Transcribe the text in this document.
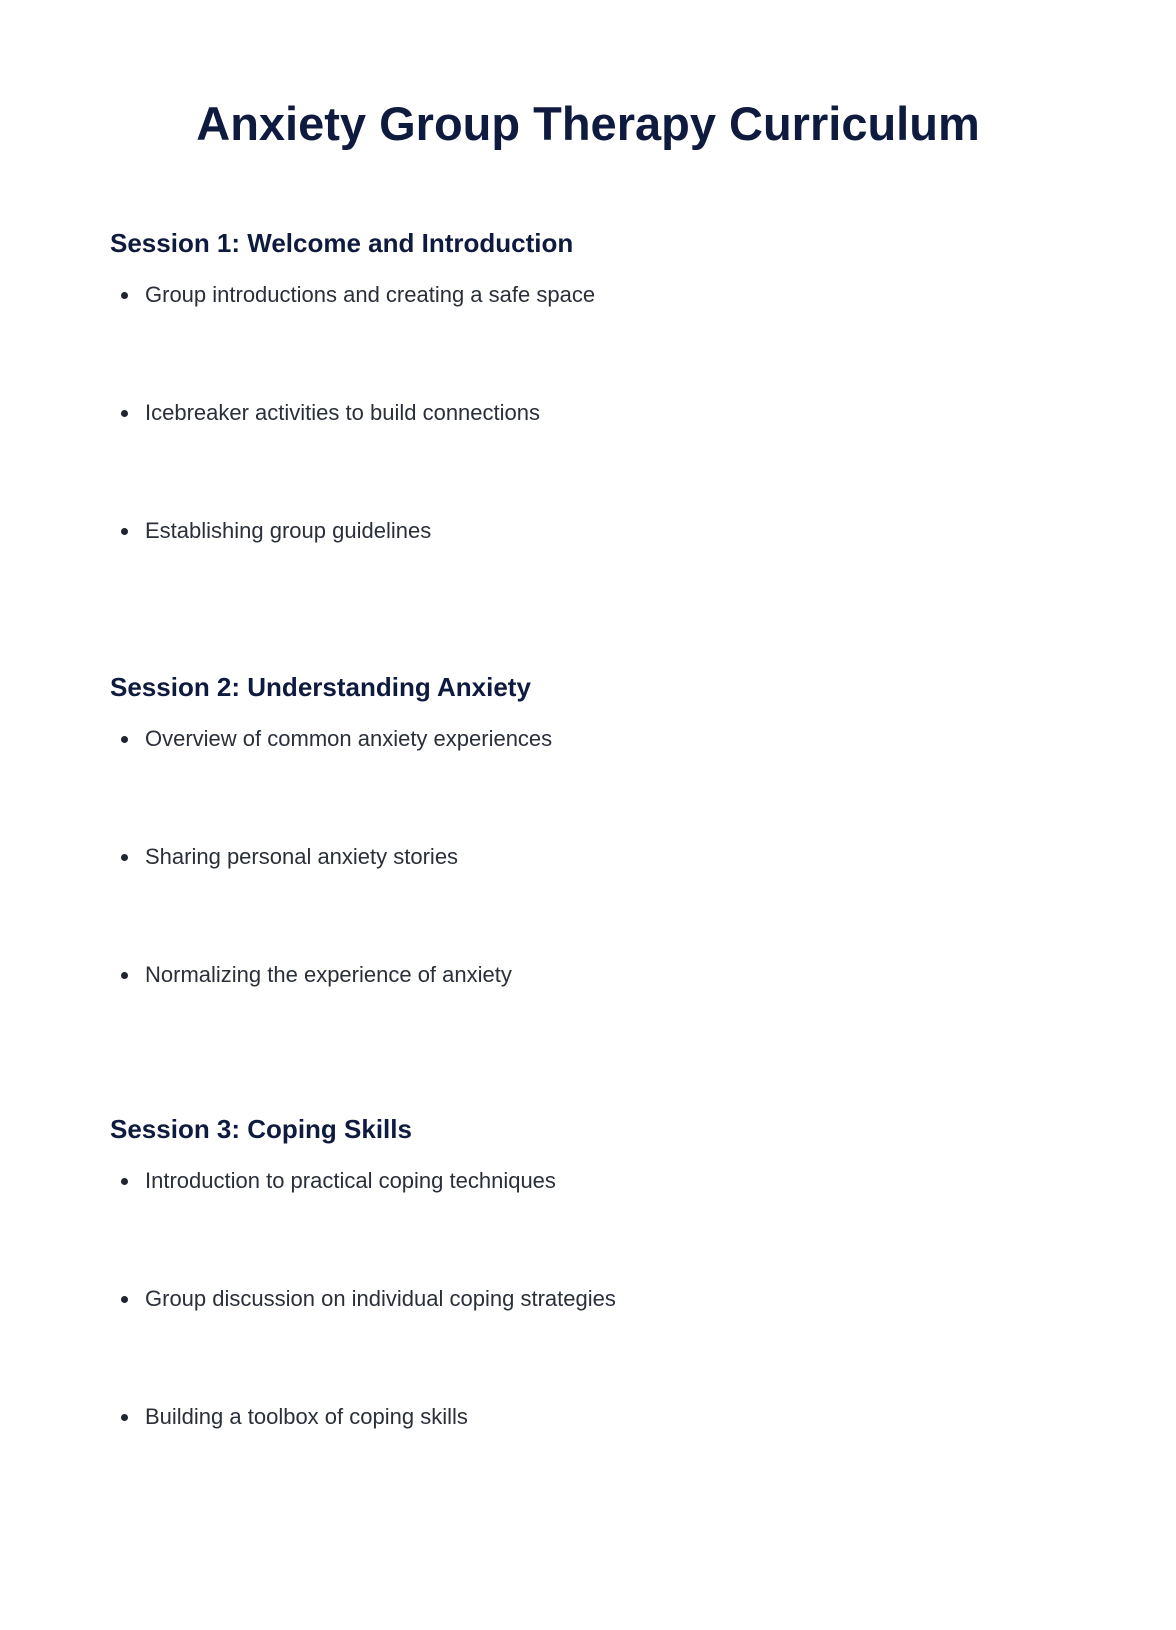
Anxiety Group Therapy Curriculum
Session 1: Welcome and Introduction
Group introductions and creating a safe space
Icebreaker activities to build connections
Establishing group guidelines
Session 2: Understanding Anxiety
Overview of common anxiety experiences
Sharing personal anxiety stories
Normalizing the experience of anxiety
Session 3: Coping Skills
Introduction to practical coping techniques
Group discussion on individual coping strategies
Building a toolbox of coping skills
